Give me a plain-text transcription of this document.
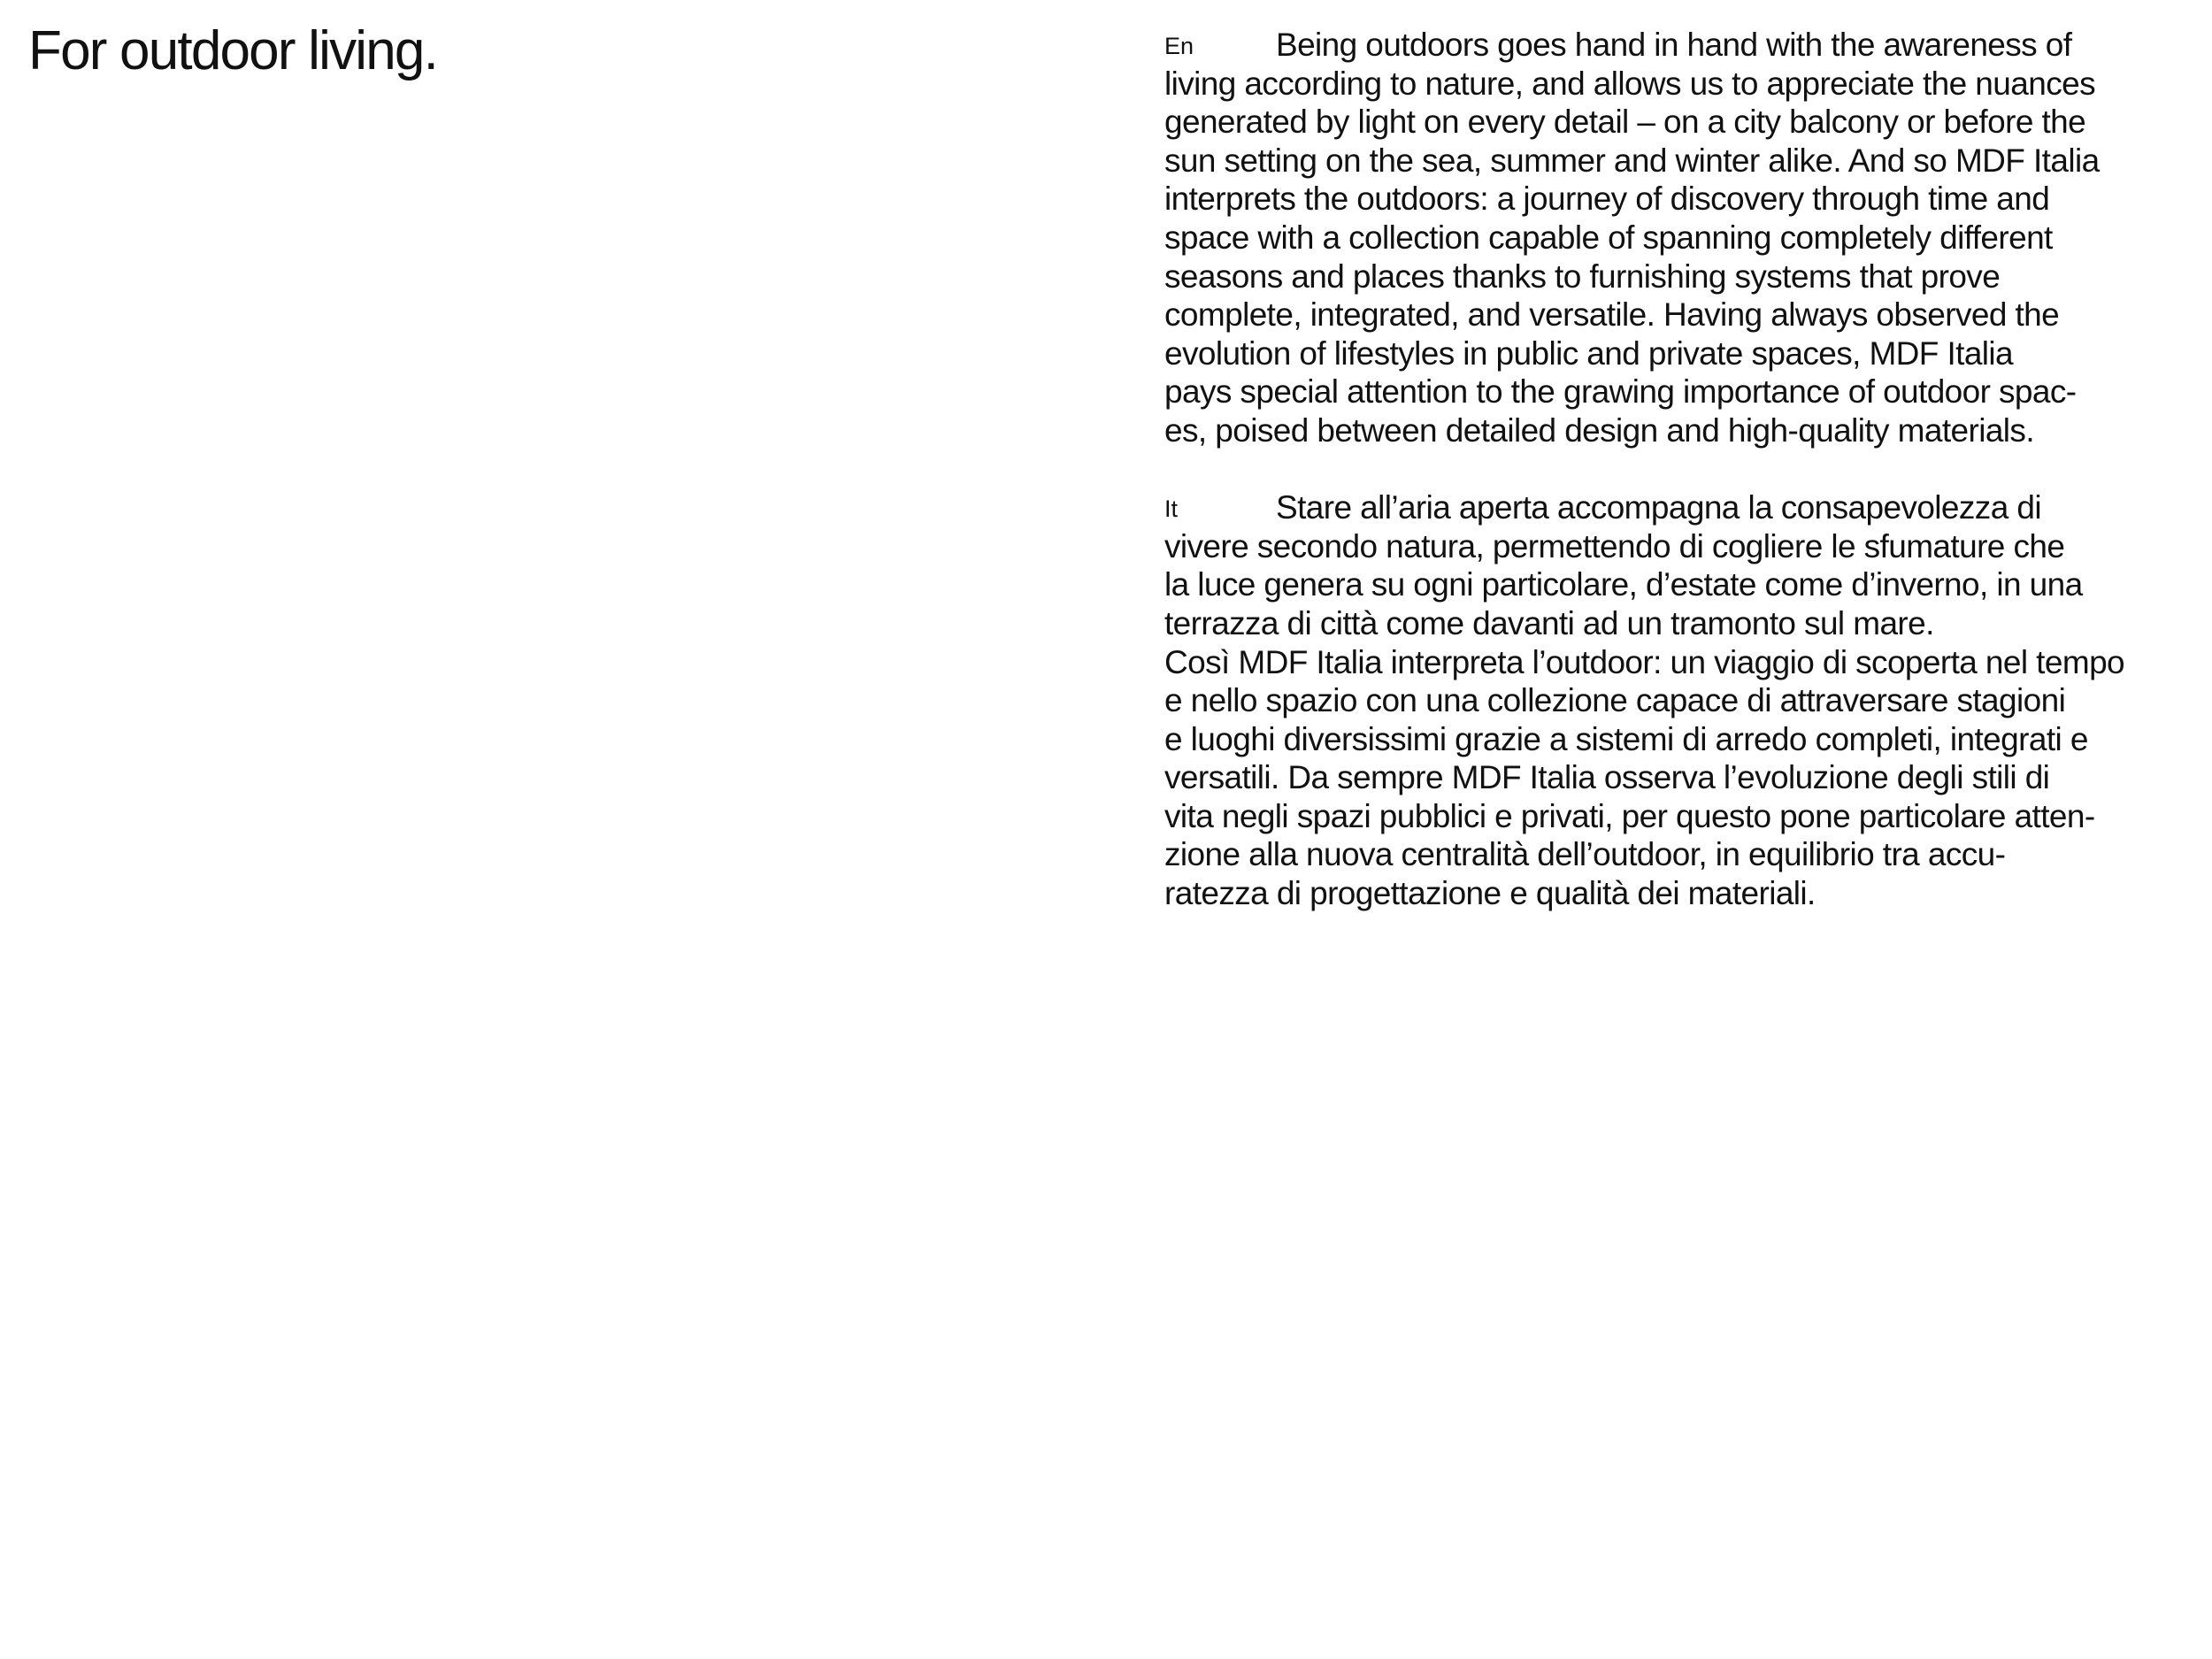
For outdoor living.	En	Being outdoors goes hand in hand with the awareness of
living according to nature, and allows us to appreciate the nuances
generated by light on every detail – on a city balcony or before the
sun setting on the sea, summer and winter alike. And so MDF Italia
interprets the outdoors: a journey of discovery through time and
space with a collection capable of spanning completely different
seasons and places thanks to furnishing systems that prove
complete, integrated, and versatile. Having always observed the
evolution of lifestyles in public and private spaces, MDF Italia
pays special attention to the grawing importance of outdoor spac-
es, poised between detailed design and high-quality materials.

It	Stare all’aria aperta accompagna la consapevolezza di
vivere secondo natura, permettendo di cogliere le sfumature che
la luce genera su ogni particolare, d’estate come d’inverno, in una
terrazza di città come davanti ad un tramonto sul mare.
Così MDF Italia interpreta l’outdoor: un viaggio di scoperta nel tempo
e nello spazio con una collezione capace di attraversare stagioni
e luoghi diversissimi grazie a sistemi di arredo completi, integrati e
versatili. Da sempre MDF Italia osserva l’evoluzione degli stili di
vita negli spazi pubblici e privati, per questo pone particolare atten-
zione alla nuova centralità dell’outdoor, in equilibrio tra accu-
ratezza di progettazione e qualità dei materiali.
